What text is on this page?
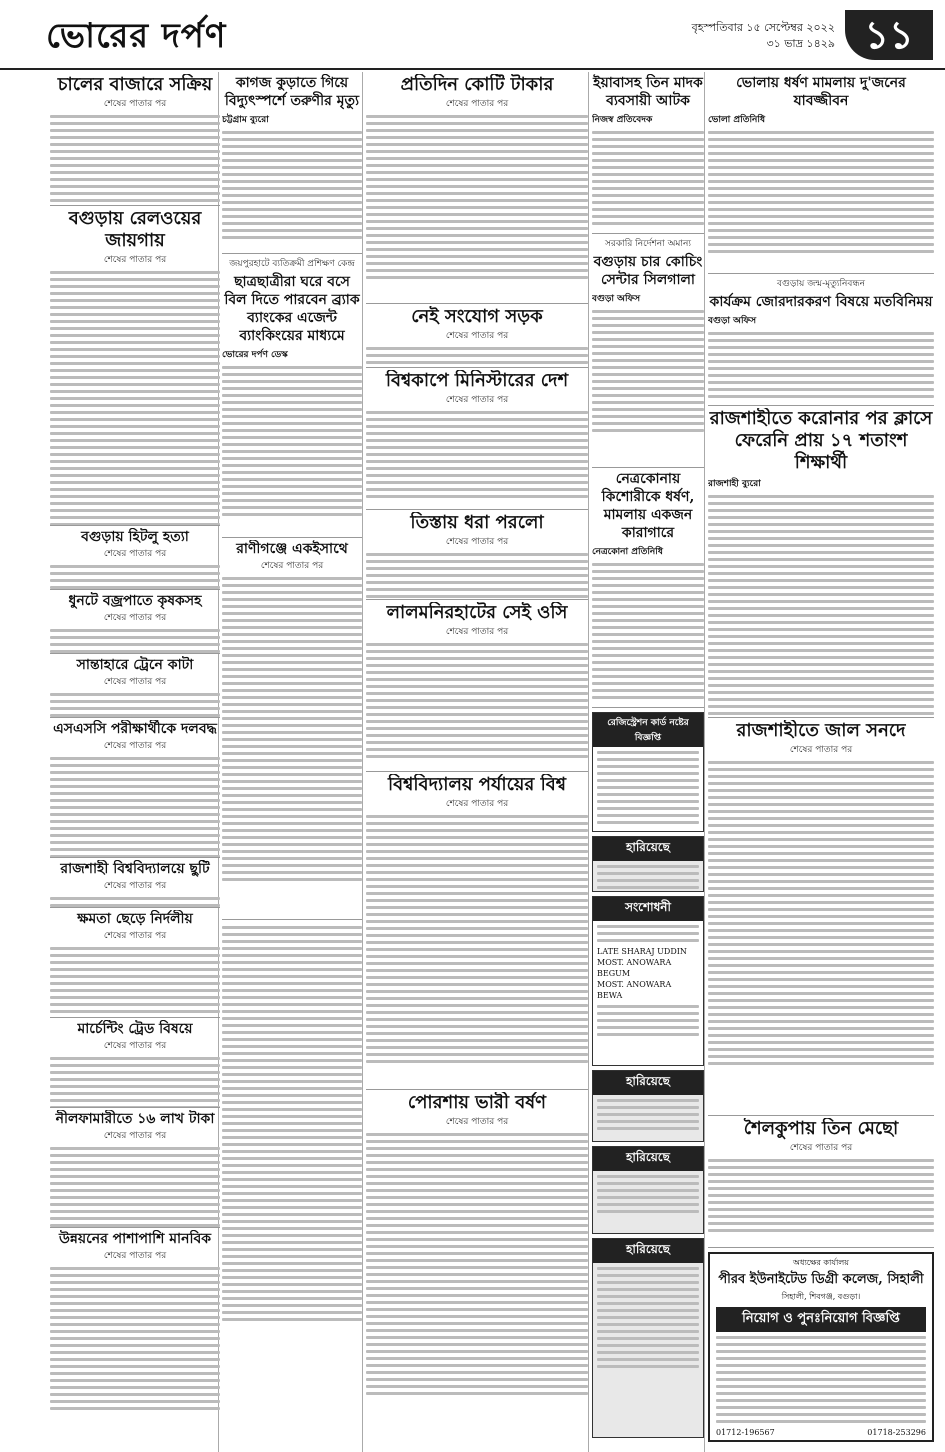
ভোরের দর্পণ	বৃহস্পতিবার ১৫ সেপ্টেম্বর ২০২২
৩১ ভাদ্র ১৪২৯ ১১
চালের বাজারে সক্রিয়
শেষের পাতার পর
বগুড়ায় রেলওয়ের জায়গায়
শেষের পাতার পর
বগুড়ায় হিটলু হত্যা
শেষের পাতার পর
ধুনটে বজ্রপাতে কৃষকসহ
শেষের পাতার পর
সান্তাহারে ট্রেনে কাটা
শেষের পাতার পর
এসএসসি পরীক্ষার্থীকে দলবদ্ধ
শেষের পাতার পর
রাজশাহী বিশ্ববিদ্যালয়ে ছুটি
শেষের পাতার পর
ক্ষমতা ছেড়ে নির্দলীয়
শেষের পাতার পর
মার্চেন্টিং ট্রেড বিষয়ে
শেষের পাতার পর
নীলফামারীতে ১৬ লাখ টাকা
শেষের পাতার পর
উন্নয়নের পাশাপাশি মানবিক
শেষের পাতার পর
কাগজ কুড়াতে গিয়ে বিদ্যুৎস্পর্শে তরুণীর মৃত্যু
চট্টগ্রাম ব্যুরো
জয়পুরহাটে ব্যতিক্রমী প্রশিক্ষণ কেন্দ্র
ছাত্রছাত্রীরা ঘরে বসে বিল দিতে পারবেন ব্র্যাক ব্যাংকের এজেন্ট ব্যাংকিংয়ের মাধ্যমে
ভোরের দর্পণ ডেস্ক
রাণীগঞ্জে একইসাথে
শেষের পাতার পর
প্রতিদিন কোটি টাকার
শেষের পাতার পর
নেই সংযোগ সড়ক
শেষের পাতার পর
বিশ্বকাপে মিনিস্টারের দেশ
শেষের পাতার পর
তিস্তায় ধরা পরলো
শেষের পাতার পর
লালমনিরহাটের সেই ওসি
শেষের পাতার পর
বিশ্ববিদ্যালয় পর্যায়ের বিশ্ব
শেষের পাতার পর
পোরশায় ভারী বর্ষণ
শেষের পাতার পর
ইয়াবাসহ তিন মাদক ব্যবসায়ী আটক
নিজস্ব প্রতিবেদক
সরকারি নির্দেশনা অমান্য
বগুড়ায় চার কোচিং সেন্টার সিলগালা
বগুড়া অফিস
নেত্রকোনায় কিশোরীকে ধর্ষণ, মামলায় একজন কারাগারে
নেত্রকোনা প্রতিনিধি
রেজিস্ট্রেশন কার্ড নষ্টের বিজ্ঞপ্তি
হারিয়েছে
সংশোধনী
LATE SHARAJ UDDIN
MOST. ANOWARA BEGUM
MOST. ANOWARA BEWA
হারিয়েছে
হারিয়েছে
হারিয়েছে
ভোলায় ধর্ষণ মামলায় দু'জনের যাবজ্জীবন
ভোলা প্রতিনিধি
বগুড়ায় জন্ম-মৃত্যুনিবন্ধন
কার্যক্রম জোরদারকরণ বিষয়ে মতবিনিময়
বগুড়া অফিস
রাজশাহীতে করোনার পর ক্লাসে ফেরেনি প্রায় ১৭ শতাংশ শিক্ষার্থী
রাজশাহী ব্যুরো
রাজশাহীতে জাল সনদে
শেষের পাতার পর
শৈলকুপায় তিন মেছো
শেষের পাতার পর
অধ্যক্ষের কার্যালয়
পীরব ইউনাইটেড ডিগ্রী কলেজ, সিহালী
সিহালী, শিবগঞ্জ, বগুড়া।
নিয়োগ ও পুনঃনিয়োগ বিজ্ঞপ্তি
01712-196567	01718-253296
